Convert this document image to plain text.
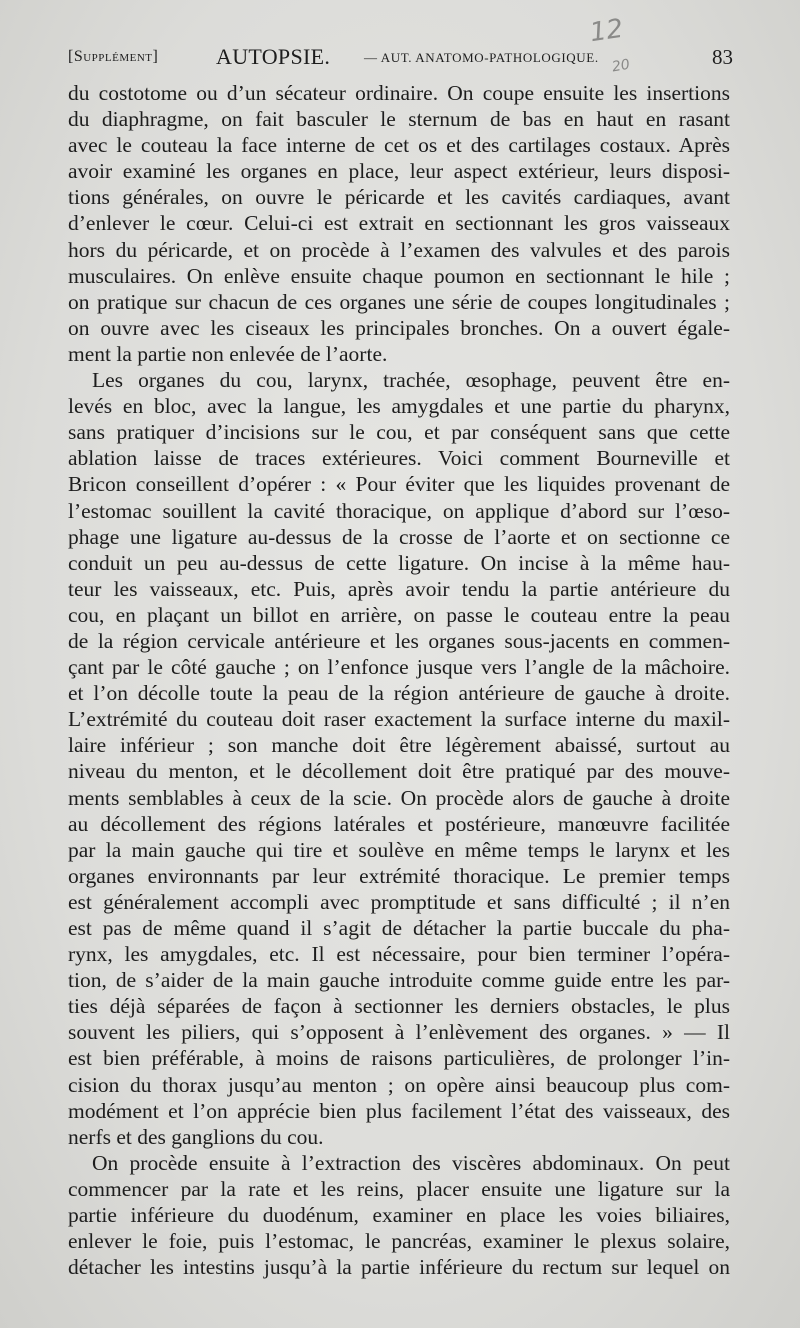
12
20
[Supplément]	AUTOPSIE.	— AUT. ANATOMO-PATHOLOGIQUE.	83
du costotome ou d’un sécateur ordinaire. On coupe ensuite les insertions
du diaphragme, on fait basculer le sternum de bas en haut en rasant
avec le couteau la face interne de cet os et des cartilages costaux. Après
avoir examiné les organes en place, leur aspect extérieur, leurs disposi-
tions générales, on ouvre le péricarde et les cavités cardiaques, avant
d’enlever le cœur. Celui-ci est extrait en sectionnant les gros vaisseaux
hors du péricarde, et on procède à l’examen des valvules et des parois
musculaires. On enlève ensuite chaque poumon en sectionnant le hile ;
on pratique sur chacun de ces organes une série de coupes longitudinales ;
on ouvre avec les ciseaux les principales bronches. On a ouvert égale-
ment la partie non enlevée de l’aorte.
Les organes du cou, larynx, trachée, œsophage, peuvent être en-
levés en bloc, avec la langue, les amygdales et une partie du pharynx,
sans pratiquer d’incisions sur le cou, et par conséquent sans que cette
ablation laisse de traces extérieures. Voici comment Bourneville et
Bricon conseillent d’opérer : « Pour éviter que les liquides provenant de
l’estomac souillent la cavité thoracique, on applique d’abord sur l’œso-
phage une ligature au-dessus de la crosse de l’aorte et on sectionne ce
conduit un peu au-dessus de cette ligature. On incise à la même hau-
teur les vaisseaux, etc. Puis, après avoir tendu la partie antérieure du
cou, en plaçant un billot en arrière, on passe le couteau entre la peau
de la région cervicale antérieure et les organes sous-jacents en commen-
çant par le côté gauche ; on l’enfonce jusque vers l’angle de la mâchoire.
et l’on décolle toute la peau de la région antérieure de gauche à droite.
L’extrémité du couteau doit raser exactement la surface interne du maxil-
laire inférieur ; son manche doit être légèrement abaissé, surtout au
niveau du menton, et le décollement doit être pratiqué par des mouve-
ments semblables à ceux de la scie. On procède alors de gauche à droite
au décollement des régions latérales et postérieure, manœuvre facilitée
par la main gauche qui tire et soulève en même temps le larynx et les
organes environnants par leur extrémité thoracique. Le premier temps
est généralement accompli avec promptitude et sans difficulté ; il n’en
est pas de même quand il s’agit de détacher la partie buccale du pha-
rynx, les amygdales, etc. Il est nécessaire, pour bien terminer l’opéra-
tion, de s’aider de la main gauche introduite comme guide entre les par-
ties déjà séparées de façon à sectionner les derniers obstacles, le plus
souvent les piliers, qui s’opposent à l’enlèvement des organes. » — Il
est bien préférable, à moins de raisons particulières, de prolonger l’in-
cision du thorax jusqu’au menton ; on opère ainsi beaucoup plus com-
modément et l’on apprécie bien plus facilement l’état des vaisseaux, des
nerfs et des ganglions du cou.
On procède ensuite à l’extraction des viscères abdominaux. On peut
commencer par la rate et les reins, placer ensuite une ligature sur la
partie inférieure du duodénum, examiner en place les voies biliaires,
enlever le foie, puis l’estomac, le pancréas, examiner le plexus solaire,
détacher les intestins jusqu’à la partie inférieure du rectum sur lequel on
